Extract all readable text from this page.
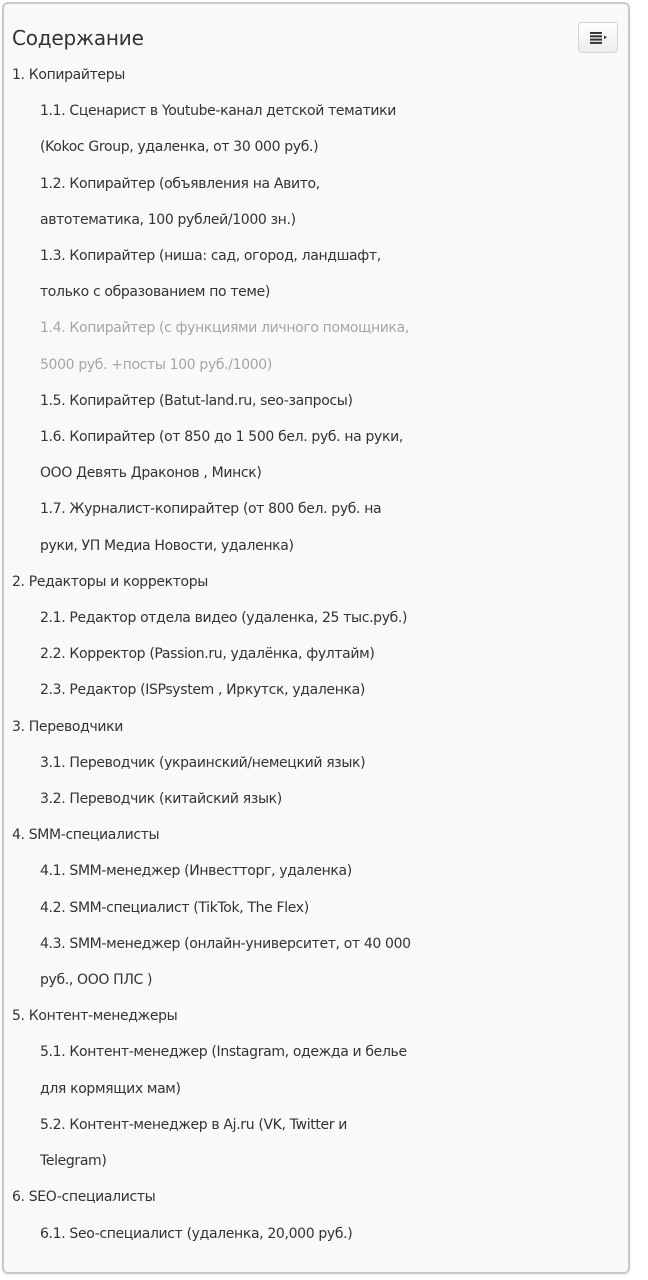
Содержание
1. Копирайтеры
1.1. Сценарист в Youtube-канал детской тематики
(Kokoc Group, удаленка, от 30 000 руб.)
1.2. Копирайтер (объявления на Авито,
автотематика, 100 рублей/1000 зн.)
1.3. Копирайтер (ниша: сад, огород, ландшафт,
только с образованием по теме)
1.4. Копирайтер (с функциями личного помощника,
5000 руб. +посты 100 руб./1000)
1.5. Копирайтер (Batut-land.ru, seo-запросы)
1.6. Копирайтер (от 850 до 1 500 бел. руб. на руки,
ООО Девять Драконов , Минск)
1.7. Журналист-копирайтер (от 800 бел. руб. на
руки, УП Медиа Новости, удаленка)
2. Редакторы и корректоры
2.1. Редактор отдела видео (удаленка, 25 тыс.руб.)
2.2. Корректор (Passion.ru, удалёнка, фултайм)
2.3. Редактор (ISPsystem , Иркутск, удаленка)
3. Переводчики
3.1. Переводчик (украинский/немецкий язык)
3.2. Переводчик (китайский язык)
4. SMM-специалисты
4.1. SMM-менеджер (Инвестторг, удаленка)
4.2. SMM-специалист (TikTok, The Flex)
4.3. SMM-менеджер (онлайн-университет, от 40 000
руб., ООО ПЛС )
5. Контент-менеджеры
5.1. Контент-менеджер (Instagram, одежда и белье
для кормящих мам)
5.2. Контент-менеджер в Aj.ru (VK, Twitter и
Telegram)
6. SEO-специалисты
6.1. Seo-специалист (удаленка, 20,000 руб.)
